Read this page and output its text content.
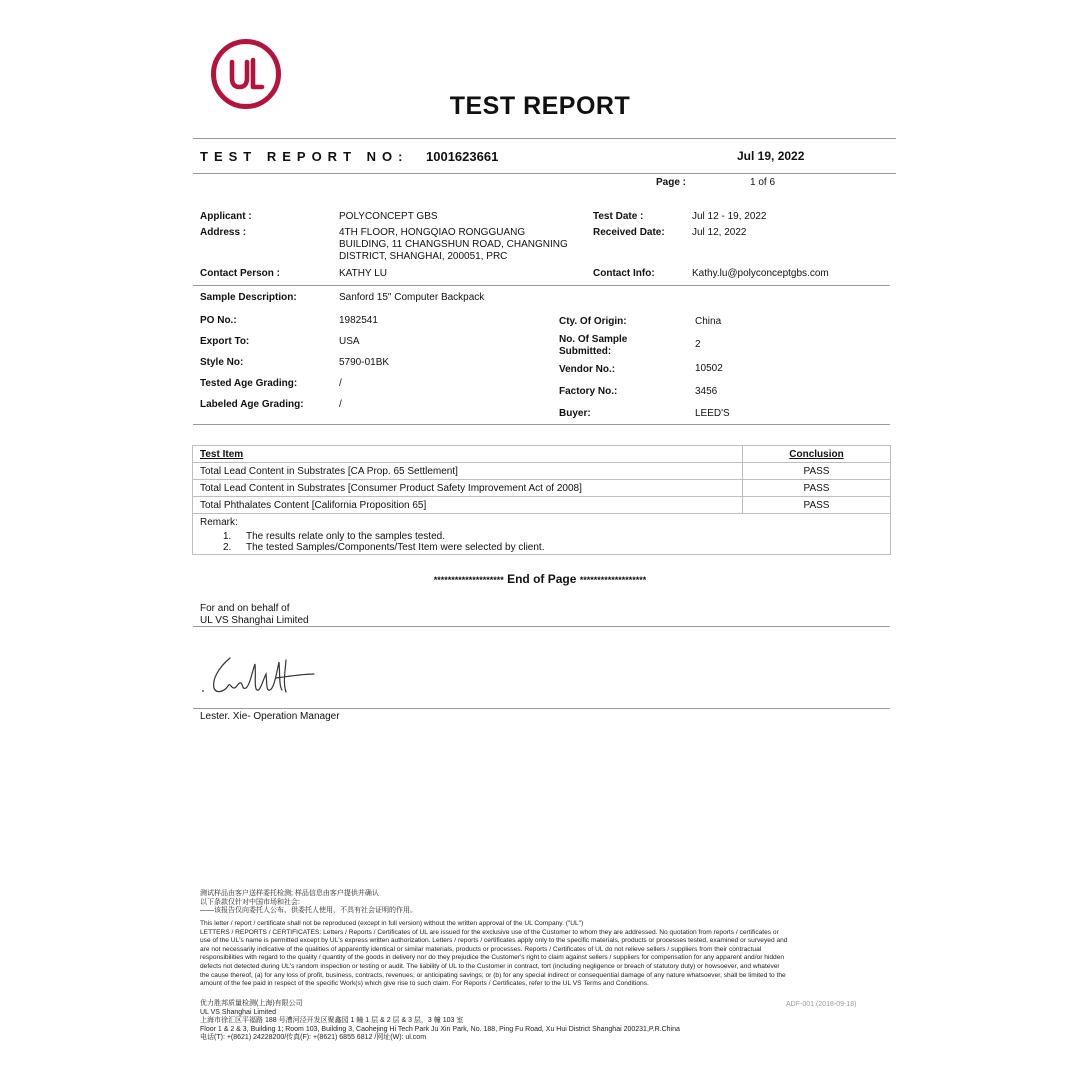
TEST REPORT
TEST REPORT NO: 1001623661	Jul 19, 2022
Page :	1 of 6
Applicant :	POLYCONCEPT GBS
Address :	4TH FLOOR, HONGQIAO RONGGUANG
BUILDING, 11 CHANGSHUN ROAD, CHANGNING
DISTRICT, SHANGHAI, 200051, PRC
Contact Person :	KATHY LU
Test Date :	Jul 12 - 19, 2022
Received Date:	Jul 12, 2022
Contact Info:	Kathy.lu@polyconceptgbs.com
Sample Description:	Sanford 15" Computer Backpack
PO No.:	1982541
Export To:	USA
Style No:	5790-01BK
Tested Age Grading:	/
Labeled Age Grading:	/
Cty. Of Origin:	China
No. Of Sample
Submitted:
2
Vendor No.:	10502
Factory No.:	3456
Buyer:	LEED'S
Test Item	Conclusion
Total Lead Content in Substrates [CA Prop. 65 Settlement]	PASS
Total Lead Content in Substrates [Consumer Product Safety Improvement Act of 2008]	PASS
Total Phthalates Content [California Proposition 65]	PASS
Remark:
1. The results relate only to the samples tested.
2. The tested Samples/Components/Test Item were selected by client.
******************** End of Page *******************
For and on behalf of
UL VS Shanghai Limited
Lester. Xie- Operation Manager
测试样品由客户送样委托检测; 样品信息由客户提供并确认
以下条款仅针对中国市场和社会:
——该报告仅向委托人公布、供委托人使用，不具有社会证明的作用。
This letter / report / certificate shall not be reproduced (except in full version) without the written approval of the UL Company. ("UL")
LETTERS / REPORTS / CERTIFICATES: Letters / Reports / Certificates of UL are issued for the exclusive use of the Customer to whom they are addressed. No quotation from reports / certificates or
use of the UL's name is permitted except by UL's express written authorization. Letters / reports / certificates apply only to the specific materials, products or processes tested, examined or surveyed and
are not necessarily indicative of the qualities of apparently identical or similar materials, products or processes. Reports / Certificates of UL do not relieve sellers / suppliers from their contractual
responsibilities with regard to the quality / quantity of the goods in delivery nor do they prejudice the Customer's right to claim against sellers / suppliers for compensation for any apparent and/or hidden
defects not detected during UL's random inspection or testing or audit. The liability of UL to the Customer in contract, tort (including negligence or breach of statutory duty) or howsoever, and whatever
the cause thereof, (a) for any loss of profit, business, contracts, revenues, or anticipating savings; or (b) for any special indirect or consequential damage of any nature whatsoever, shall be limited to the
amount of the fee paid in respect of the specific Work(s) which give rise to such claim. For Reports / Certificates, refer to the UL VS Terms and Conditions.
优力胜邦质量检测(上海)有限公司
UL VS Shanghai Limited
上海市徐汇区平福路 188 号漕河泾开发区聚鑫园 1 幢 1 层 & 2 层 & 3 层，3 幢 103 室
Floor 1 & 2 & 3, Building 1; Room 103, Building 3, Caohejing Hi Tech Park Ju Xin Park, No. 188, Ping Fu Road, Xu Hui District Shanghai 200231,P.R.China
电话(T): +(8621) 24228200/传真(F): +(8621) 6855 6812 /网址(W): ul.com
ADF-001 (2018-09-18)
